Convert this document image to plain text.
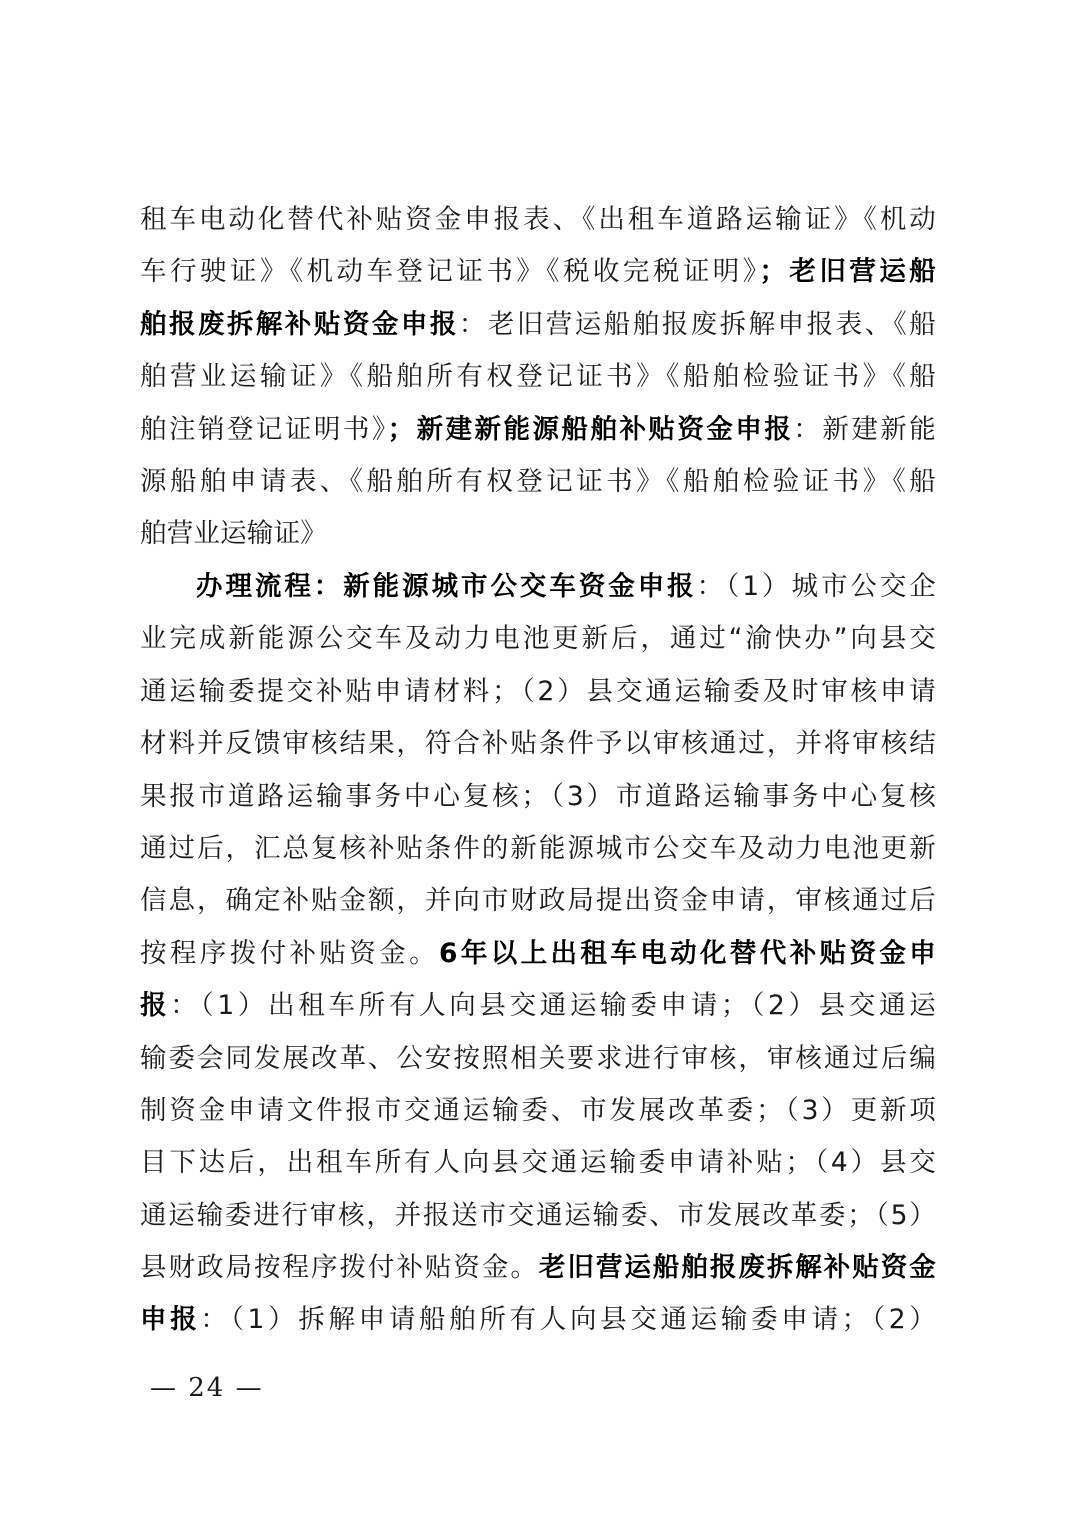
租车电动化替代补贴资金申报表、《出租车道路运输证》《机动
车行驶证》《机动车登记证书》《税收完税证明》；老旧营运船
舶报废拆解补贴资金申报：老旧营运船舶报废拆解申报表、《船
舶营业运输证》《船舶所有权登记证书》《船舶检验证书》《船
舶注销登记证明书》；新建新能源船舶补贴资金申报：新建新能
源船舶申请表、《船舶所有权登记证书》《船舶检验证书》《船
舶营业运输证》
办理流程：新能源城市公交车资金申报：（1）城市公交企
业完成新能源公交车及动力电池更新后，通过“渝快办”向县交
通运输委提交补贴申请材料；（2）县交通运输委及时审核申请
材料并反馈审核结果，符合补贴条件予以审核通过，并将审核结
果报市道路运输事务中心复核；（3）市道路运输事务中心复核
通过后，汇总复核补贴条件的新能源城市公交车及动力电池更新
信息，确定补贴金额，并向市财政局提出资金申请，审核通过后
按程序拨付补贴资金。6年以上出租车电动化替代补贴资金申
报：（1）出租车所有人向县交通运输委申请；（2）县交通运
输委会同发展改革、公安按照相关要求进行审核，审核通过后编
制资金申请文件报市交通运输委、市发展改革委；（3）更新项
目下达后，出租车所有人向县交通运输委申请补贴；（4）县交
通运输委进行审核，并报送市交通运输委、市发展改革委；（5）
县财政局按程序拨付补贴资金。老旧营运船舶报废拆解补贴资金
申报：（1）拆解申请船舶所有人向县交通运输委申请；（2）
— 24 —
